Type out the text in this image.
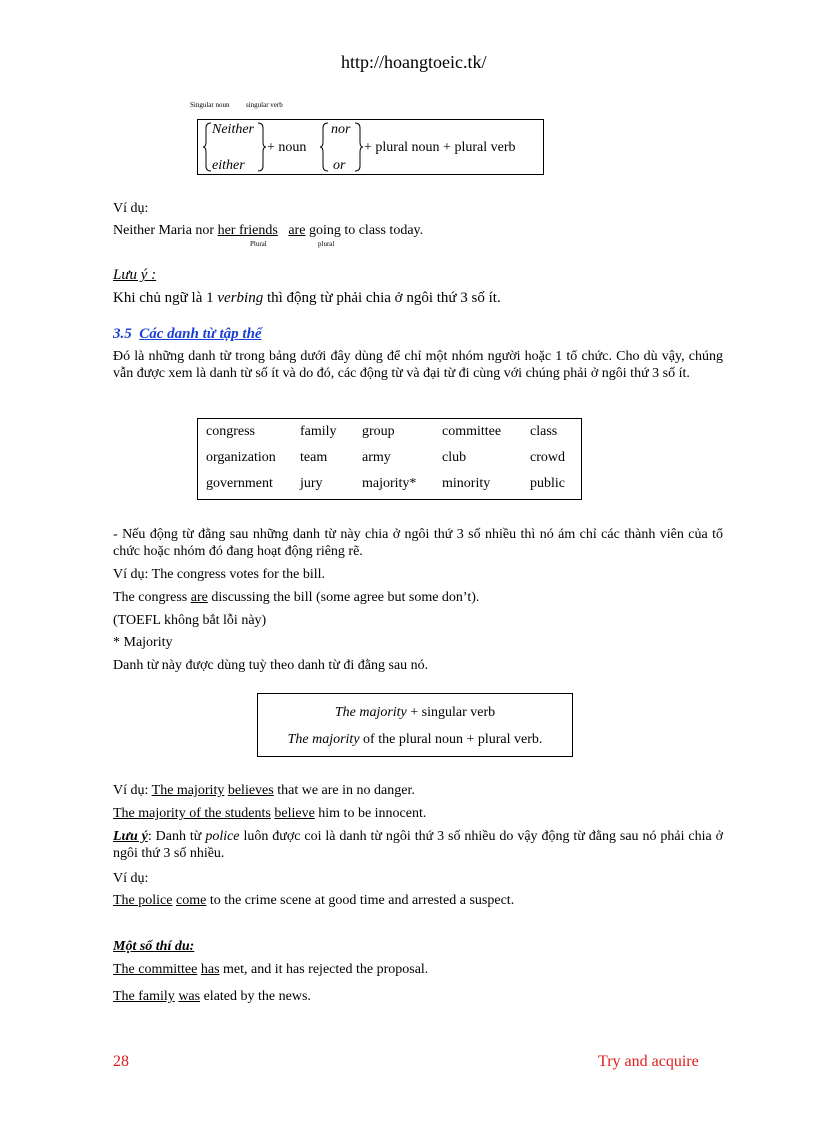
http://hoangtoeic.tk/
Singular noun singular verb
Neither
either
+ noun
nor
or
+ plural noun + plural verb
Ví dụ:
Neither Maria nor her friends are going to class today.
Plural	plural
Lưu ý :
Khi chủ ngữ là 1 verbing thì động từ phải chia ở ngôi thứ 3 số ít.
3.5 Các danh từ tập thể
Đó là những danh từ trong bảng dưới đây dùng để chỉ một nhóm người hoặc 1 tổ chức. Cho dù vậy, chúng vẫn được xem là danh từ số ít và do đó, các động từ và đại từ đi cùng với chúng phải ở ngôi thứ 3 số ít.
congress	family	group	committee	class
organization	team	army	club	crowd
government	jury	majority*	minority	public
- Nếu động từ đằng sau những danh từ này chia ở ngôi thứ 3 số nhiều thì nó ám chỉ các thành viên của tổ chức hoặc nhóm đó đang hoạt động riêng rẽ.
Ví dụ: The congress votes for the bill.
The congress are discussing the bill (some agree but some don’t).
(TOEFL không bắt lỗi này)
* Majority
Danh từ này được dùng tuỳ theo danh từ đi đằng sau nó.
The majority + singular verb
The majority of the plural noun + plural verb.
Ví dụ: The majority believes that we are in no danger.
The majority of the students believe him to be innocent.
Lưu ý: Danh từ police luôn được coi là danh từ ngôi thứ 3 số nhiều do vậy động từ đằng sau nó phải chia ở ngôi thứ 3 số nhiều.
Ví dụ:
The police come to the crime scene at good time and arrested a suspect.
Một số thí du:
The committee has met, and it has rejected the proposal.
The family was elated by the news.
28	Try and acquire
